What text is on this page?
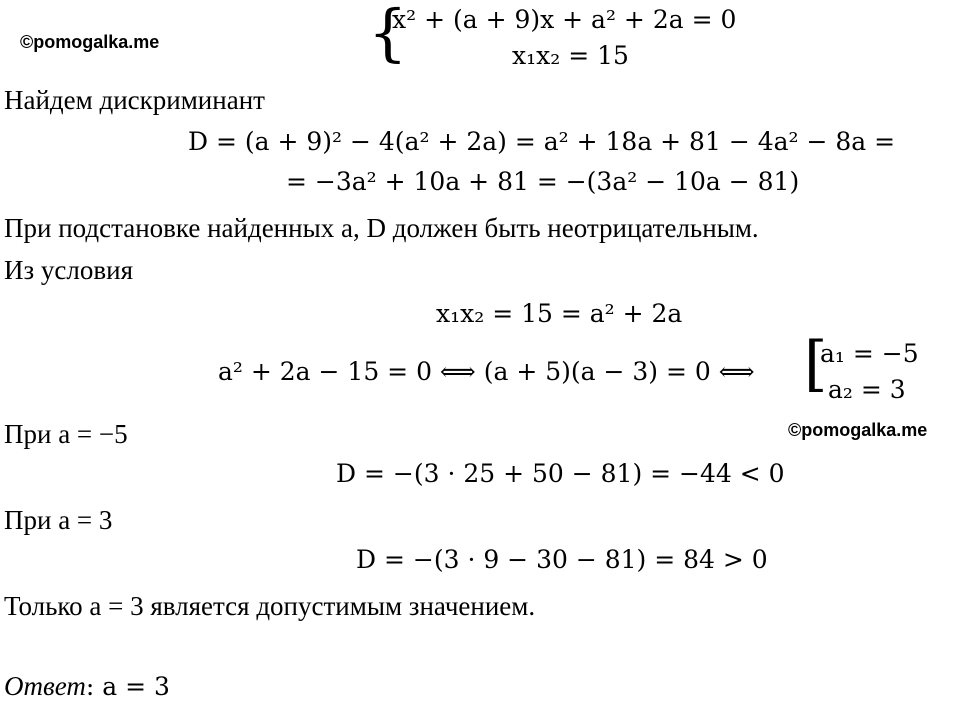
©pomogalka.me
©pomogalka.me
{
x² + (a + 9)x + a² + 2a = 0
x₁x₂ = 15
Найдем дискриминант
D = (a + 9)² − 4(a² + 2a) = a² + 18a + 81 − 4a² − 8a =
= −3a² + 10a + 81 = −(3a² − 10a − 81)
При подстановке найденных a, D должен быть неотрицательным.
Из условия
x₁x₂ = 15 = a² + 2a
a² + 2a − 15 = 0 ⟺ (a + 5)(a − 3) = 0 ⟺ [
a₁ = −5
a₂ = 3
При a = −5
D = −(3 · 25 + 50 − 81) = −44 < 0
При a = 3
D = −(3 · 9 − 30 − 81) = 84 > 0
Только a = 3 является допустимым значением.
Ответ: a = 3
